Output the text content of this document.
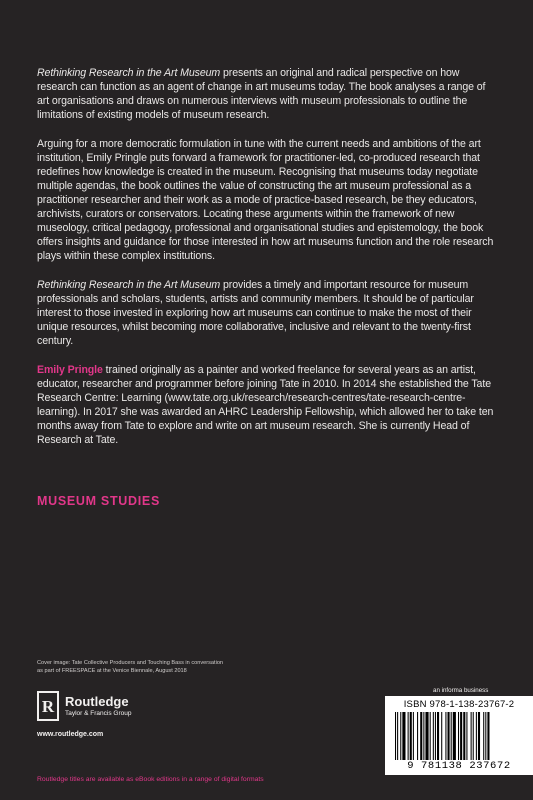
Rethinking Research in the Art Museum presents an original and radical perspective on how research can function as an agent of change in art museums today. The book analyses a range of art organisations and draws on numerous interviews with museum professionals to outline the limitations of existing models of museum research.

Arguing for a more democratic formulation in tune with the current needs and ambitions of the art institution, Emily Pringle puts forward a framework for practitioner-led, co-produced research that redefines how knowledge is created in the museum. Recognising that museums today negotiate multiple agendas, the book outlines the value of constructing the art museum professional as a practitioner researcher and their work as a mode of practice-based research, be they educators, archivists, curators or conservators. Locating these arguments within the framework of new museology, critical pedagogy, professional and organisational studies and epistemology, the book offers insights and guidance for those interested in how art museums function and the role research plays within these complex institutions.

Rethinking Research in the Art Museum provides a timely and important resource for museum professionals and scholars, students, artists and community members. It should be of particular interest to those invested in exploring how art museums can continue to make the most of their unique resources, whilst becoming more collaborative, inclusive and relevant to the twenty-first century.

Emily Pringle trained originally as a painter and worked freelance for several years as an artist, educator, researcher and programmer before joining Tate in 2010. In 2014 she established the Tate Research Centre: Learning (www.tate.org.uk/research/research-centres/tate-research-centre-learning). In 2017 she was awarded an AHRC Leadership Fellowship, which allowed her to take ten months away from Tate to explore and write on art museum research. She is currently Head of Research at Tate.

MUSEUM STUDIES
Cover image: Tate Collective Producers and Touching Bass in conversation
as part of FREESPACE at the Venice Biennale, August 2018
R Routledge
Taylor & Francis Group
www.routledge.com
Routledge titles are available as eBook editions in a range of digital formats
an informa business
ISBN 978-1-138-23767-2
9 781138 237672
